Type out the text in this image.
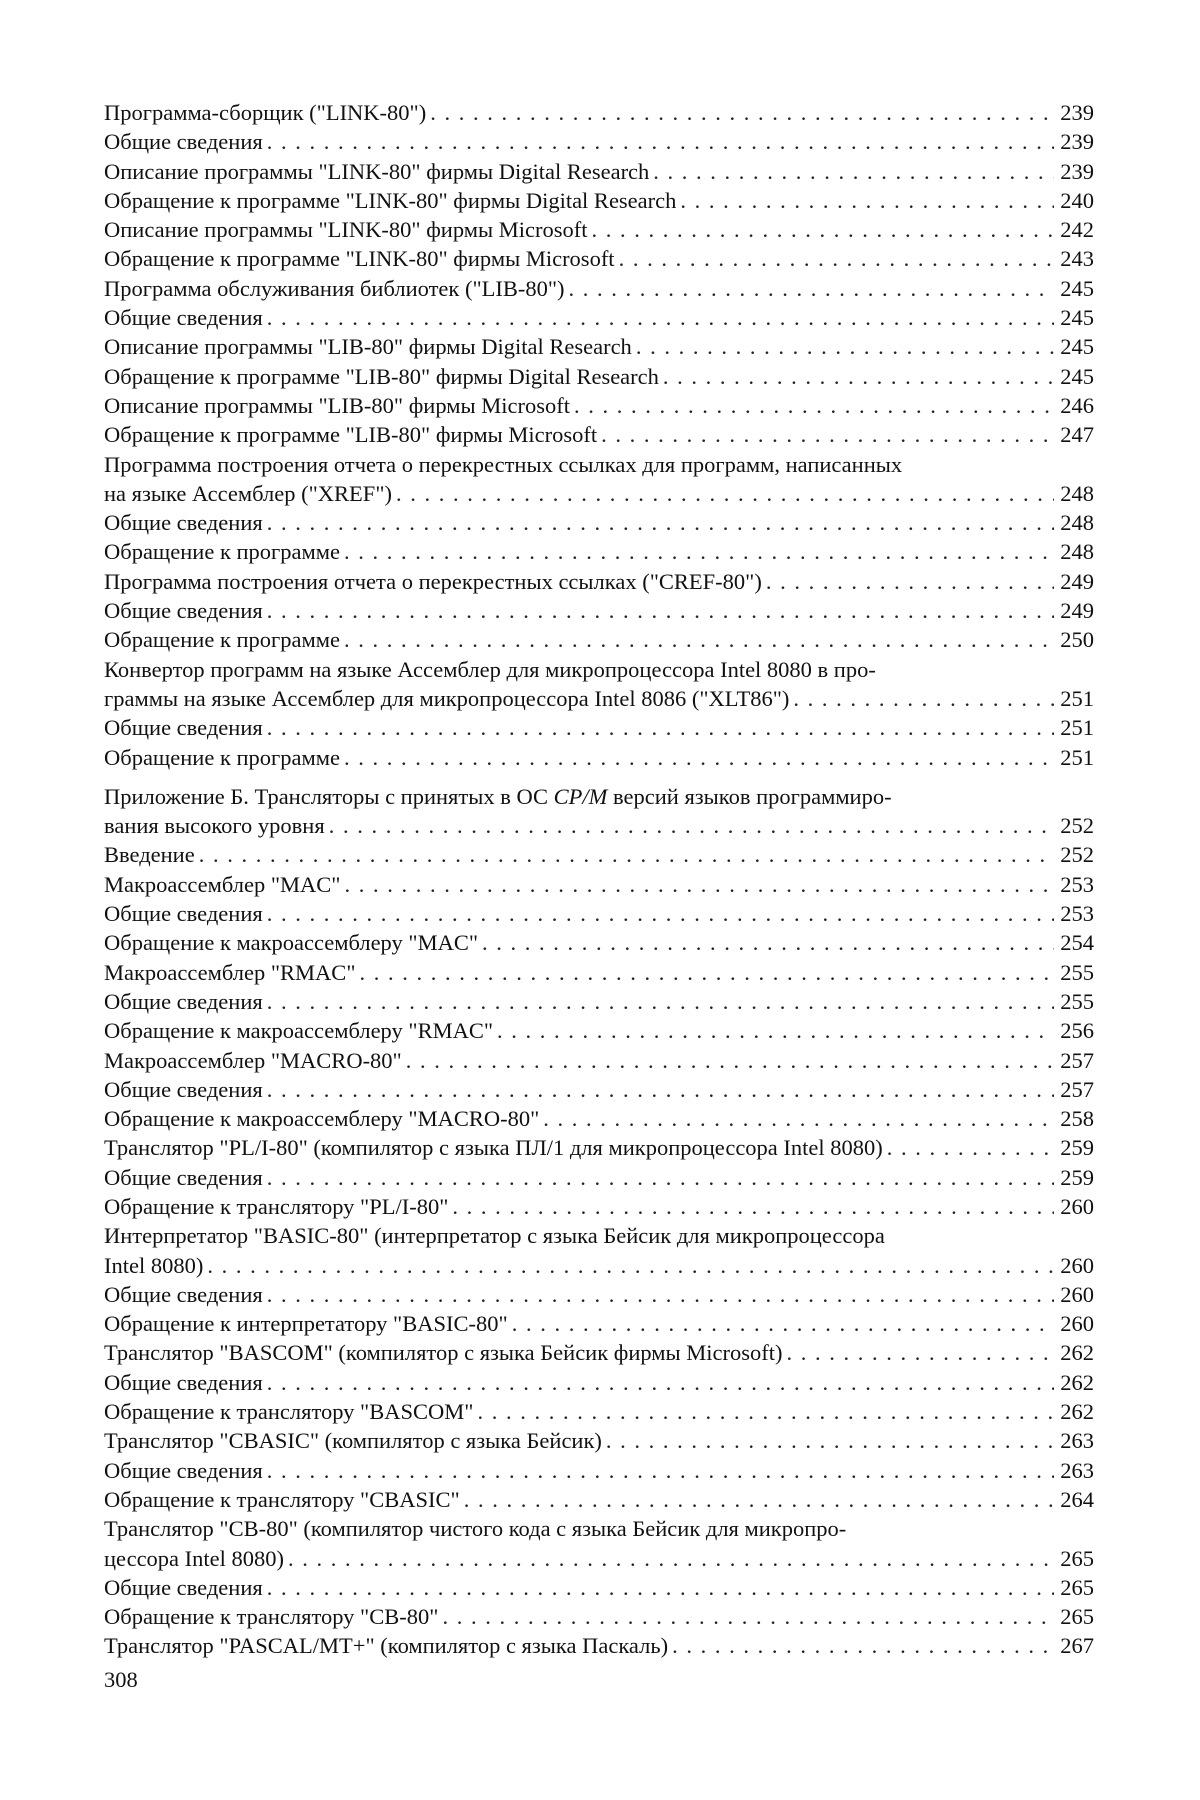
Программа-сборщик ("LINK-80") . . .	239
Общие сведения . . .	239
Описание программы "LINK-80" фирмы Digital Research . . .	239
Обращение к программе "LINK-80" фирмы Digital Research . . .	240
Описание программы "LINK-80" фирмы Microsoft . . .	242
Обращение к программе "LINK-80" фирмы Microsoft . . .	243
Программа обслуживания библиотек ("LIB-80") . . .	245
Общие сведения . . .	245
Описание программы "LIB-80" фирмы Digital Research . . .	245
Обращение к программе "LIB-80" фирмы Digital Research . . .	245
Описание программы "LIB-80" фирмы Microsoft . . .	246
Обращение к программе "LIB-80" фирмы Microsoft . . .	247
Программа построения отчета о перекрестных ссылках для программ, написанных
на языке Ассемблер ("XREF") . . .	248
Общие сведения . . .	248
Обращение к программе . . .	248
Программа построения отчета о перекрестных ссылках ("CREF-80") . . .	249
Общие сведения . . .	249
Обращение к программе . . .	250
Конвертор программ на языке Ассемблер для микропроцессора Intel 8080 в про-
граммы на языке Ассемблер для микропроцессора Intel 8086 ("XLT86") . . .	251
Общие сведения . . .	251
Обращение к программе . . .	251
Приложение Б. Трансляторы с принятых в ОС CP/M версий языков программиро-
вания высокого уровня . . .	252
Введение . . .	252
Макроассемблер "MAC" . . .	253
Общие сведения . . .	253
Обращение к макроассемблеру "MAC" . . .	254
Макроассемблер "RMAC" . . .	255
Общие сведения . . .	255
Обращение к макроассемблеру "RMAC" . . .	256
Макроассемблер "MACRO-80" . . .	257
Общие сведения . . .	257
Обращение к макроассемблеру "MACRO-80" . . .	258
Транслятор "PL/I-80" (компилятор с языка ПЛ/1 для микропроцессора Intel 8080) . . .	259
Общие сведения . . .	259
Обращение к транслятору "PL/I-80" . . .	260
Интерпретатор "BASIC-80" (интерпретатор с языка Бейсик для микропроцессора
Intel 8080) . . .	260
Общие сведения . . .	260
Обращение к интерпретатору "BASIC-80" . . .	260
Транслятор "BASCOM" (компилятор с языка Бейсик фирмы Microsoft) . . .	262
Общие сведения . . .	262
Обращение к транслятору "BASCOM" . . .	262
Транслятор "CBASIC" (компилятор с языка Бейсик) . . .	263
Общие сведения . . .	263
Обращение к транслятору "CBASIC" . . .	264
Транслятор "CB-80" (компилятор чистого кода с языка Бейсик для микропро-
цессора Intel 8080) . . .	265
Общие сведения . . .	265
Обращение к транслятору "CB-80" . . .	265
Транслятор "PASCAL/MT+" (компилятор с языка Паскаль) . . .	267
308
